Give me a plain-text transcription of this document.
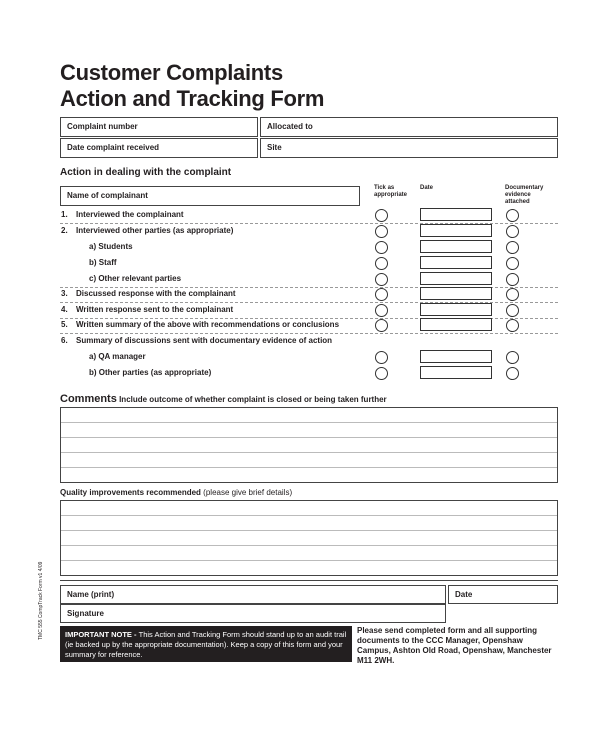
Customer Complaints
Action and Tracking Form
Complaint number	Allocated to
Date complaint received	Site
Action in dealing with the complaint
Name of complainant
Tick as appropriate
Date	Documentary evidence attached
1. Interviewed the complainant
2. Interviewed other parties (as appropriate)
a) Students
b) Staff
c) Other relevant parties
3. Discussed response with the complainant
4. Written response sent to the complainant
5. Written summary of the above with recommendations or conclusions
6. Summary of discussions sent with documentary evidence of action
a) QA manager
b) Other parties (as appropriate)
Comments Include outcome of whether complaint is closed or being taken further
Quality improvements recommended (please give brief details)
Name (print)	Date
Signature
IMPORTANT NOTE - This Action and Tracking Form should stand up to an audit trail (ie backed up by the appropriate documentation). Keep a copy of this form and your summary for reference.
Please send completed form and all supporting documents to the CCC Manager, Openshaw Campus, Ashton Old Road, Openshaw, Manchester M11 2WH.
TMC 555 CompTrack Form v1 4/09
